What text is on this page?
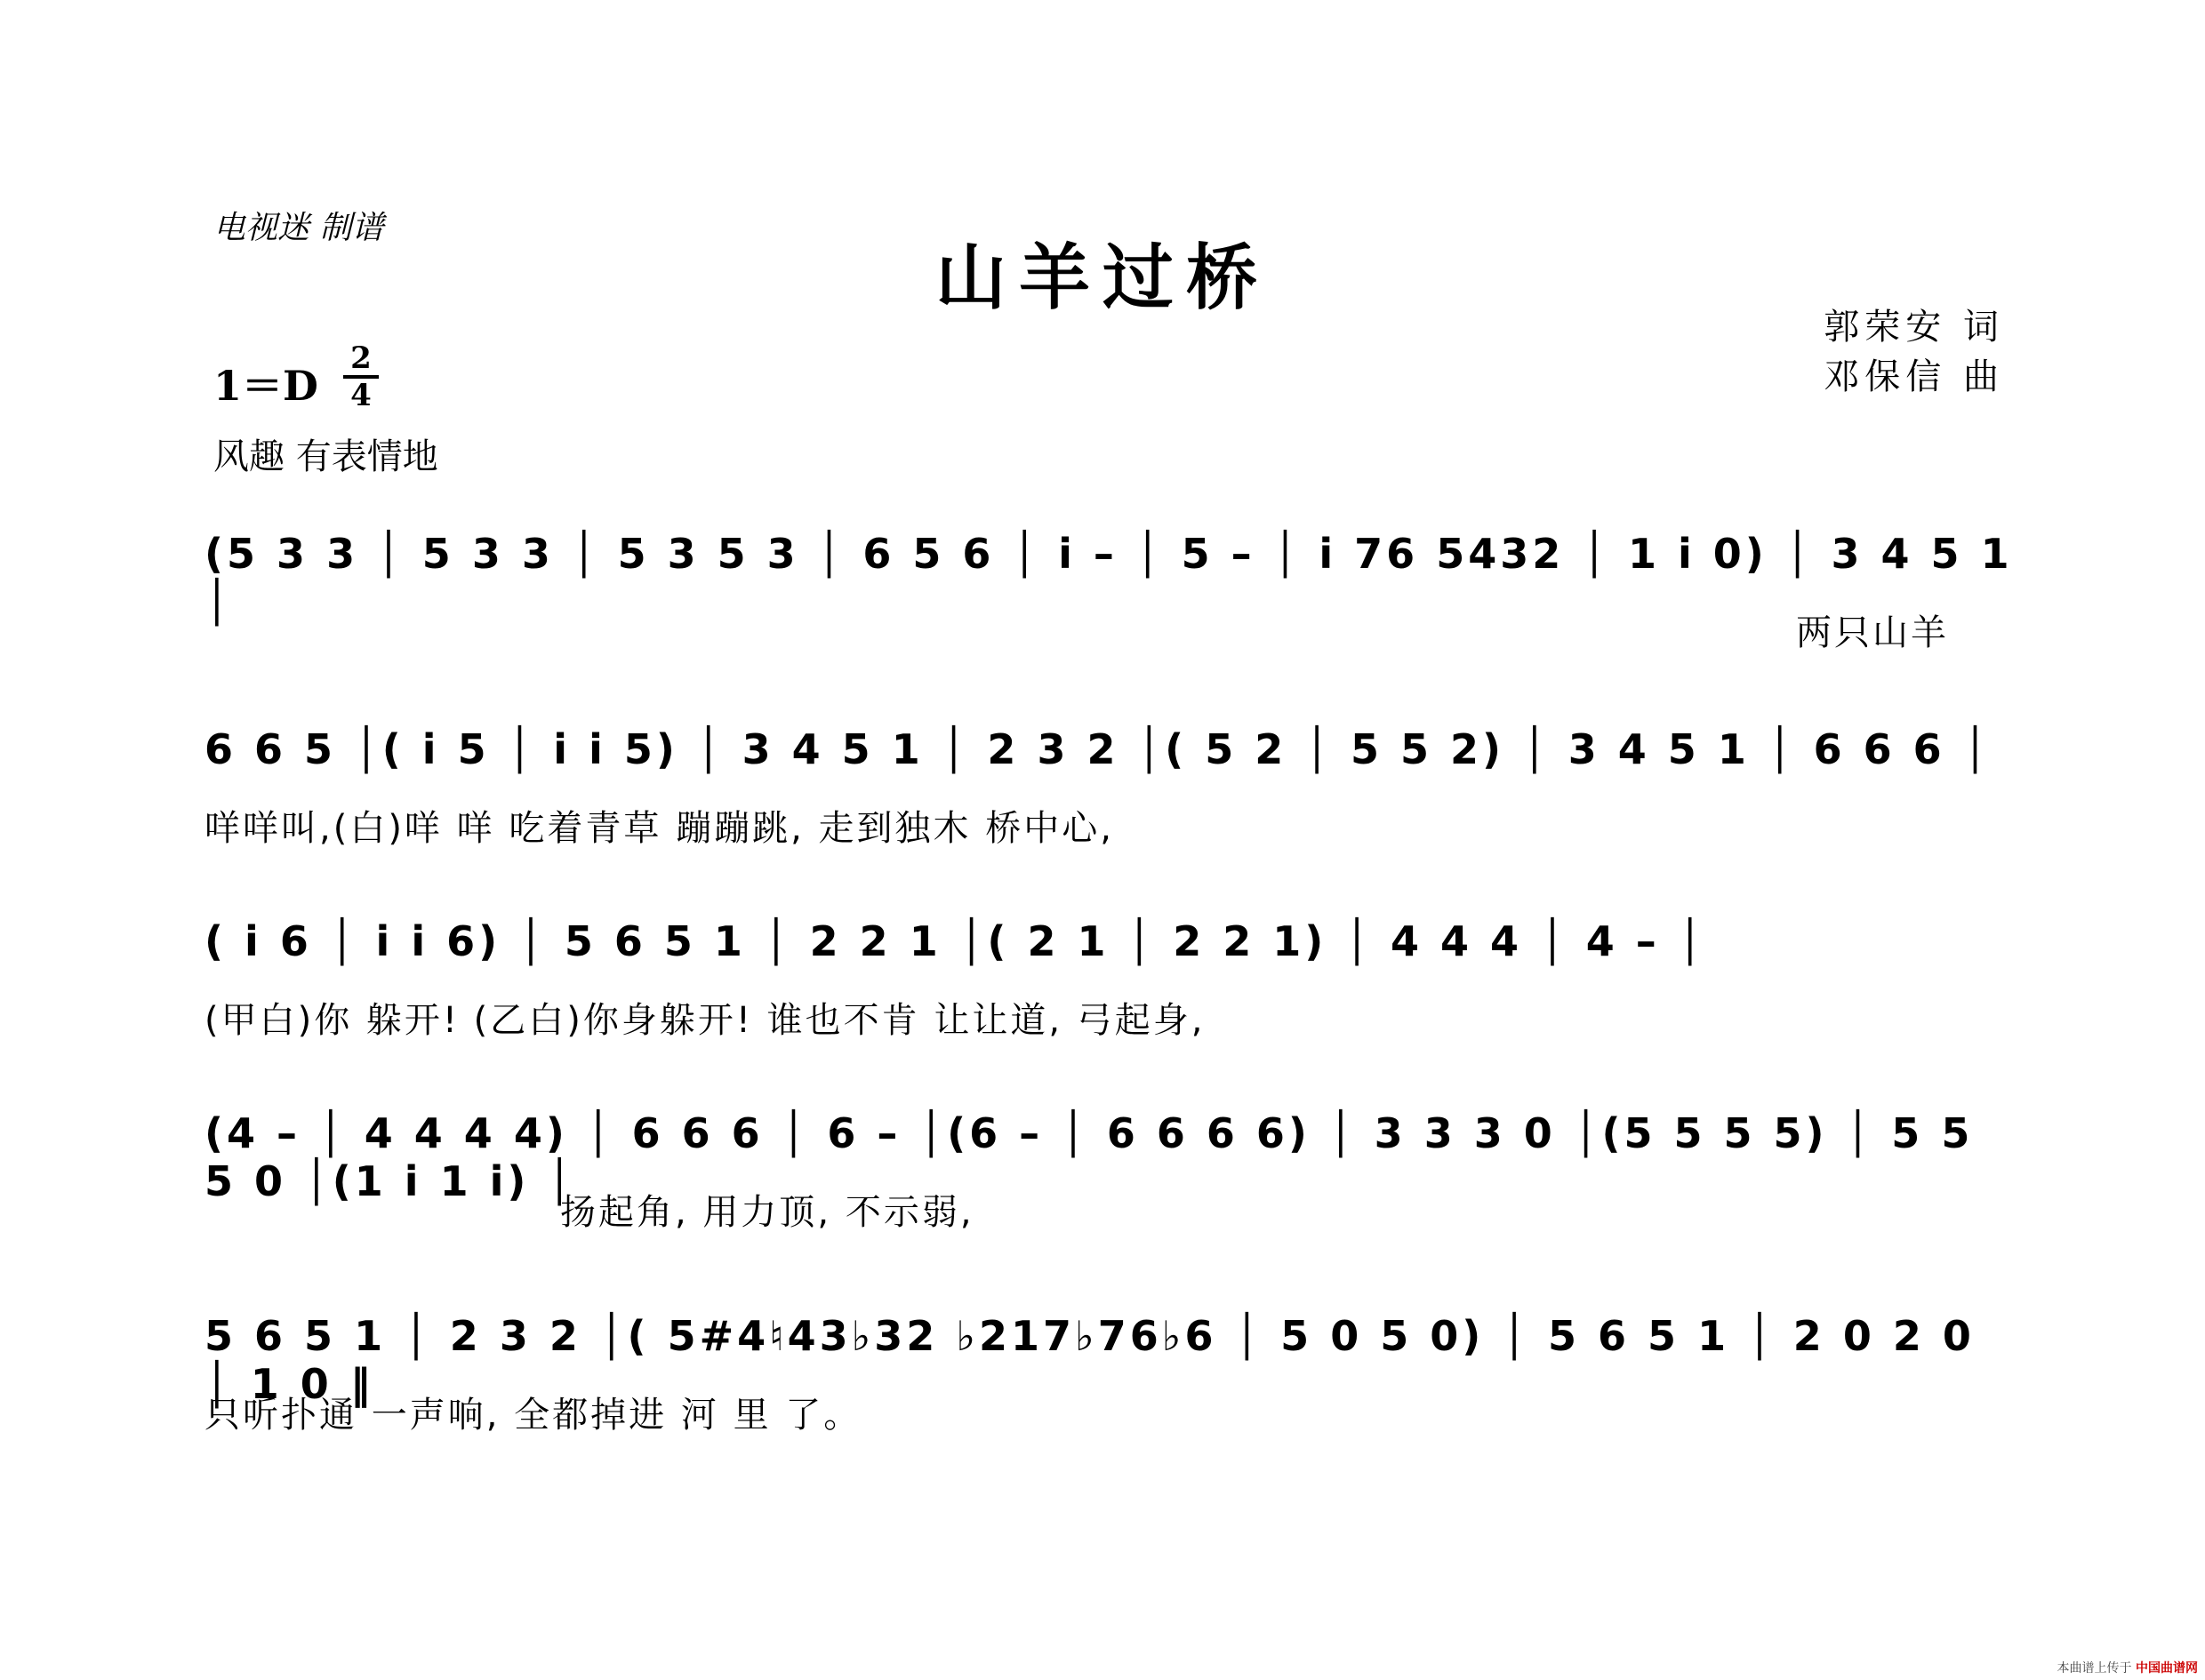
电视迷 制谱
山羊过桥
郭荣安 词
邓保信 曲
1＝D
2
4
风趣 有表情地
(5 3 3 │ 5 3 3 │ 5 3 5 3 │ 6 5 6 │ i – │ 5 – │ i 76 5432 │ 1 i 0) │ 3 4 5 1 │
两只山羊
6 6 5 │( i 5 │ i i 5) │ 3 4 5 1 │ 2 3 2 │( 5 2 │ 5 5 2) │ 3 4 5 1 │ 6 6 6 │
咩咩叫,(白)咩 咩 吃着青草 蹦蹦跳, 走到独木 桥中心,
( i 6 │ i i 6) │ 5 6 5 1 │ 2 2 1 │( 2 1 │ 2 2 1) │ 4 4 4 │ 4 – │
(甲白)你 躲开! (乙白)你身躲开! 谁也不肯 让让道, 弓起身,
(4 – │ 4 4 4 4) │ 6 6 6 │ 6 – │(6 – │ 6 6 6 6) │ 3 3 3 0 │(5 5 5 5) │ 5 5 5 0 │(1 i 1 i) │
扬起角, 用力顶, 不示弱,
5 6 5 1 │ 2 3 2 │( 5#4♮43♭32 ♭217♭76♭6 │ 5 0 5 0) │ 5 6 5 1 │ 2 0 2 0 │ 1 0 ‖
只听扑通 一声响, 全都掉进 河 里 了。
本曲谱上传于 中国曲谱网
